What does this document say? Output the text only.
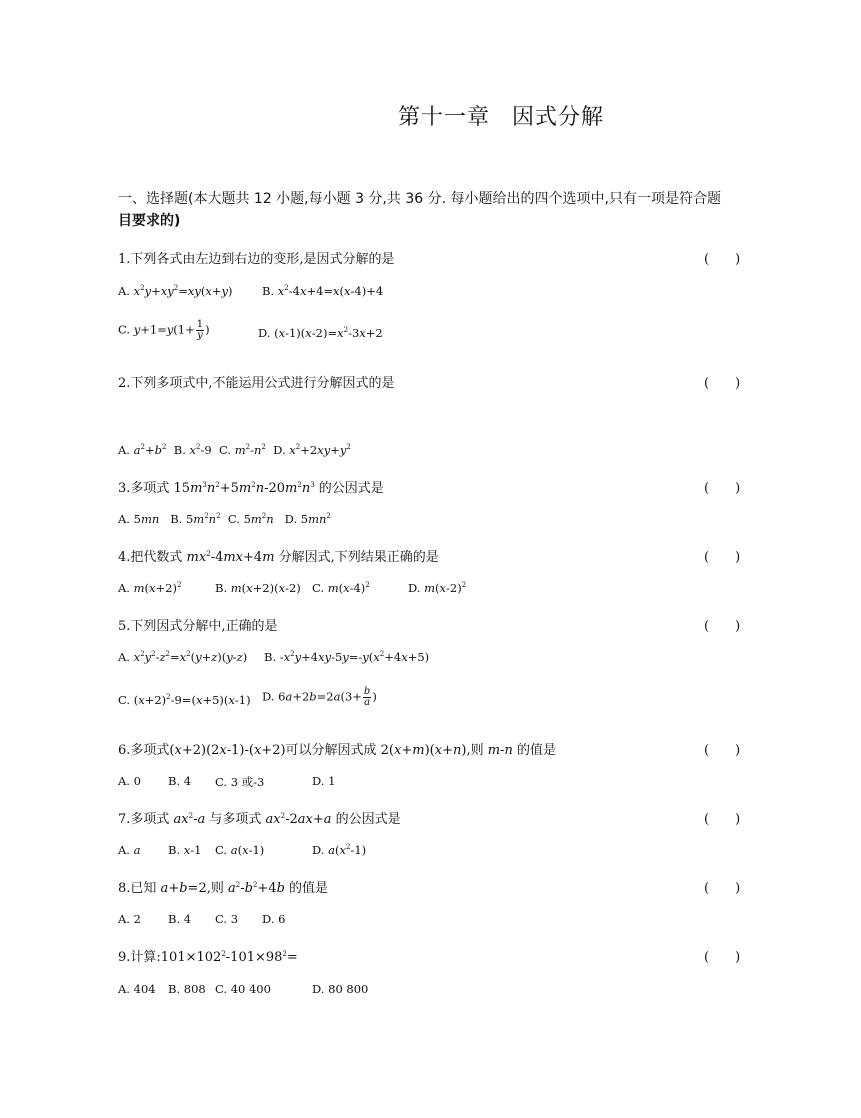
第十一章 因式分解
一、选择题(本大题共 12 小题,每小题 3 分,共 36 分. 每小题给出的四个选项中,只有一项是符合题
目要求的)
1.下列各式由左边到右边的变形,是因式分解的是	(　　)
A. $x^2y+xy^2=xy(x+y)$	B. $x^2-4x+4=x(x-4)+4$
C. $y+1=y(1+ \frac{1}{y}$ )	D. $(x-1)(x-2)=x^2-3x+2$
2.下列多项式中,不能运用公式进行分解因式的是	(　　)
A. $a^2+b^2$  B. $x^2-9$  C. $m^2-n^2$  D. $x^2+2xy+y^2$
3.多项式 $15m^3n^2+5m^2n-20m^2n^3$ 的公因式是	(　　)
A. 5mn   B. $5m^2n^2$  C. $5m^2n$   D. $5mn^2$
4.把代数式 $mx^2-4mx+4m$ 分解因式,下列结果正确的是	(　　)
A. $m(x+2)^2$	B. m(x+2)(x-2) C. $m(x-4)^2$	D. $m(x-2)^2$
5.下列因式分解中,正确的是	(　　)
A. $x^2y^2-z^2=x^2(y+z)(y-z)$ B. $-x^2y+4xy-5y=-y(x^2+4x+5)$
C. $(x+2)^2-9=(x+5)(x-1)$ D. $6a+2b=2a(3+ \frac{b}{a}$ )
6.多项式(x+2)(2x-1)-(x+2)可以分解因式成 2(x+m)(x+n),则 m-n 的值是	(　　)
A. 0 B. 4 C. 3 或-3	D. 1
7.多项式 $ax^2-a$ 与多项式 $ax^2-2ax+a$ 的公因式是	(　　)
A. a B. x-1 C. a(x-1)	D. $a(x^2-1)$
8.已知 a+b=2,则 $a^2-b^2+4b$ 的值是	(　　)
A. 2 B. 4 C. 3 D. 6
9.计算$:101\times 102^2-101\times 98^2=$	(　　)
A. 404 B. 808 C. 40 400	D. 80 800
